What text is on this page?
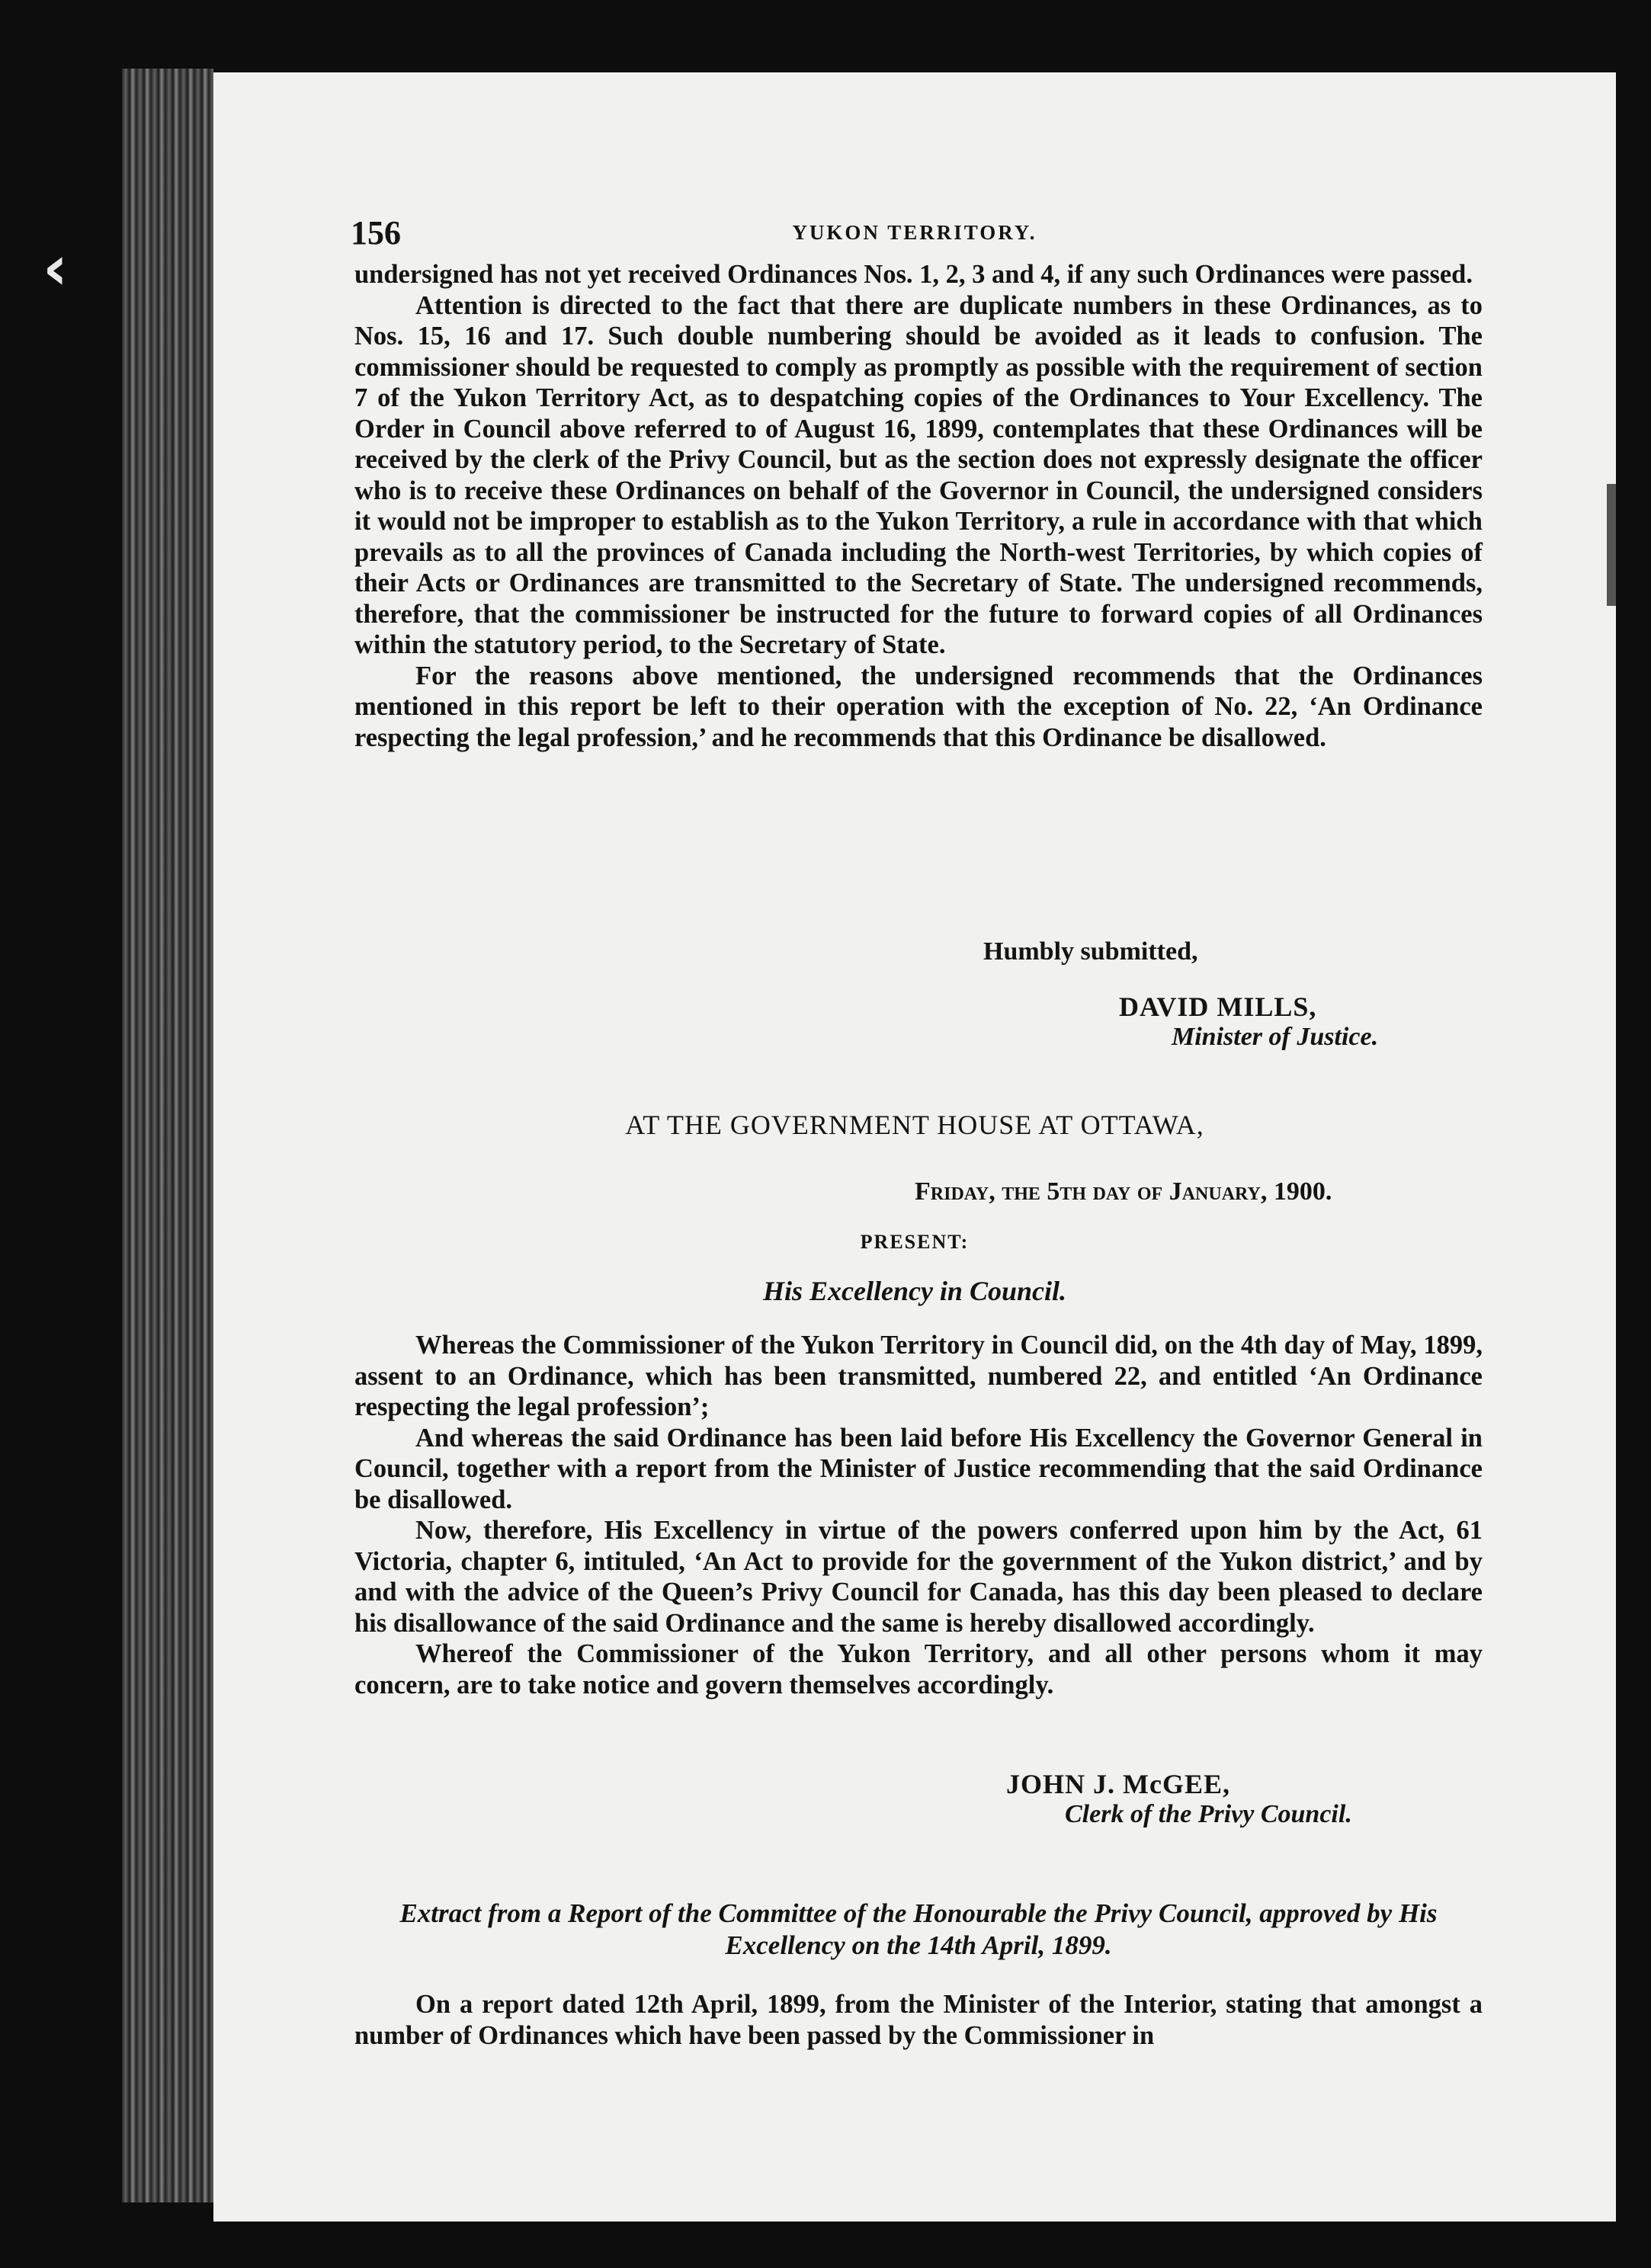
‹	156	YUKON TERRITORY.

undersigned has not yet received Ordinances Nos. 1, 2, 3 and 4, if any such Ordinances were passed.

Attention is directed to the fact that there are duplicate numbers in these Ordinances, as to Nos. 15, 16 and 17. Such double numbering should be avoided as it leads to confusion. The commissioner should be requested to comply as promptly as possible with the requirement of section 7 of the Yukon Territory Act, as to despatching copies of the Ordinances to Your Excellency. The Order in Council above referred to of August 16, 1899, contemplates that these Ordinances will be received by the clerk of the Privy Council, but as the section does not expressly designate the officer who is to receive these Ordinances on behalf of the Governor in Council, the undersigned considers it would not be improper to establish as to the Yukon Territory, a rule in accordance with that which prevails as to all the provinces of Canada including the North-west Territories, by which copies of their Acts or Ordinances are transmitted to the Secretary of State. The undersigned recommends, therefore, that the commissioner be instructed for the future to forward copies of all Ordinances within the statutory period, to the Secretary of State.

For the reasons above mentioned, the undersigned recommends that the Ordinances mentioned in this report be left to their operation with the exception of No. 22, ‘An Ordinance respecting the legal profession,’ and he recommends that this Ordinance be disallowed.

Humbly submitted,
DAVID MILLS,
Minister of Justice.
AT THE GOVERNMENT HOUSE AT OTTAWA,
Friday, the 5th day of January, 1900.
PRESENT:
His Excellency in Council.

Whereas the Commissioner of the Yukon Territory in Council did, on the 4th day of May, 1899, assent to an Ordinance, which has been transmitted, numbered 22, and entitled ‘An Ordinance respecting the legal profession’;

And whereas the said Ordinance has been laid before His Excellency the Governor General in Council, together with a report from the Minister of Justice recommending that the said Ordinance be disallowed.

Now, therefore, His Excellency in virtue of the powers conferred upon him by the Act, 61 Victoria, chapter 6, intituled, ‘An Act to provide for the government of the Yukon district,’ and by and with the advice of the Queen’s Privy Council for Canada, has this day been pleased to declare his disallowance of the said Ordinance and the same is hereby disallowed accordingly.

Whereof the Commissioner of the Yukon Territory, and all other persons whom it may concern, are to take notice and govern themselves accordingly.

JOHN J. McGEE,
Clerk of the Privy Council.
Extract from a Report of the Committee of the Honourable the Privy Council, approved by His Excellency on the 14th April, 1899.

On a report dated 12th April, 1899, from the Minister of the Interior, stating that amongst a number of Ordinances which have been passed by the Commissioner in
